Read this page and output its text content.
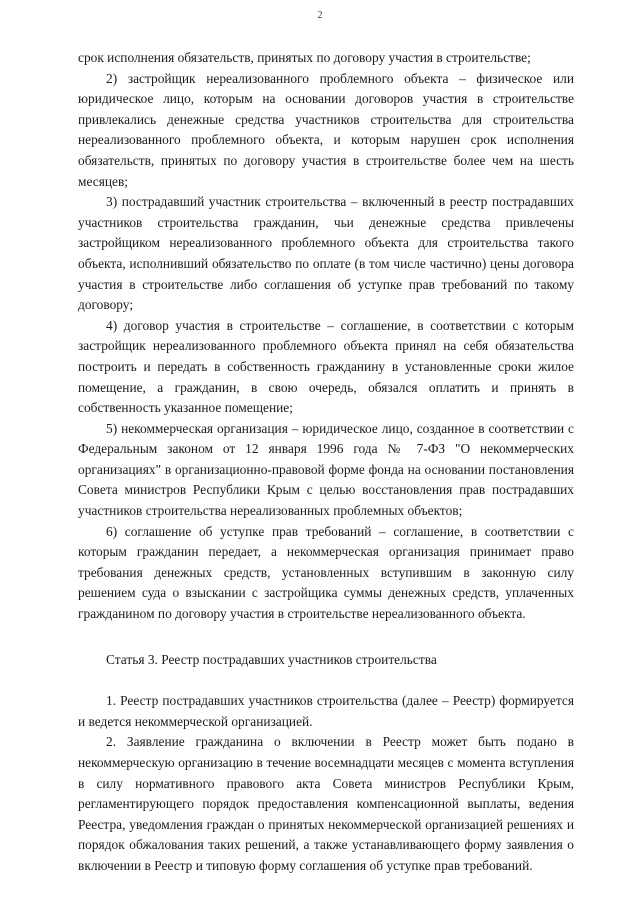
2

срок исполнения обязательств, принятых по договору участия в строительстве;

2) застройщик нереализованного проблемного объекта – физическое или юридическое лицо, которым на основании договоров участия в строительстве привлекались денежные средства участников строительства для строительства нереализованного проблемного объекта, и которым нарушен срок исполнения обязательств, принятых по договору участия в строительстве более чем на шесть месяцев;

3) пострадавший участник строительства – включенный в реестр пострадавших участников строительства гражданин, чьи денежные средства привлечены застройщиком нереализованного проблемного объекта для строительства такого объекта, исполнивший обязательство по оплате (в том числе частично) цены договора участия в строительстве либо соглашения об уступке прав требований по такому договору;

4) договор участия в строительстве – соглашение, в соответствии с которым застройщик нереализованного проблемного объекта принял на себя обязательства построить и передать в собственность гражданину в установленные сроки жилое помещение, а гражданин, в свою очередь, обязался оплатить и принять в собственность указанное помещение;

5) некоммерческая организация – юридическое лицо, созданное в соответствии с Федеральным законом от 12 января 1996 года № 7-ФЗ "О некоммерческих организациях" в организационно-правовой форме фонда на основании постановления Совета министров Республики Крым с целью восстановления прав пострадавших участников строительства нереализованных проблемных объектов;

6) соглашение об уступке прав требований – соглашение, в соответствии с которым гражданин передает, а некоммерческая организация принимает право требования денежных средств, установленных вступившим в законную силу решением суда о взыскании с застройщика суммы денежных средств, уплаченных гражданином по договору участия в строительстве нереализованного объекта.

Статья 3. Реестр пострадавших участников строительства

1. Реестр пострадавших участников строительства (далее – Реестр) формируется и ведется некоммерческой организацией.

2. Заявление гражданина о включении в Реестр может быть подано в некоммерческую организацию в течение восемнадцати месяцев с момента вступления в силу нормативного правового акта Совета министров Республики Крым, регламентирующего порядок предоставления компенсационной выплаты, ведения Реестра, уведомления граждан о принятых некоммерческой организацией решениях и порядок обжалования таких решений, а также устанавливающего форму заявления о включении в Реестр и типовую форму соглашения об уступке прав требований.
